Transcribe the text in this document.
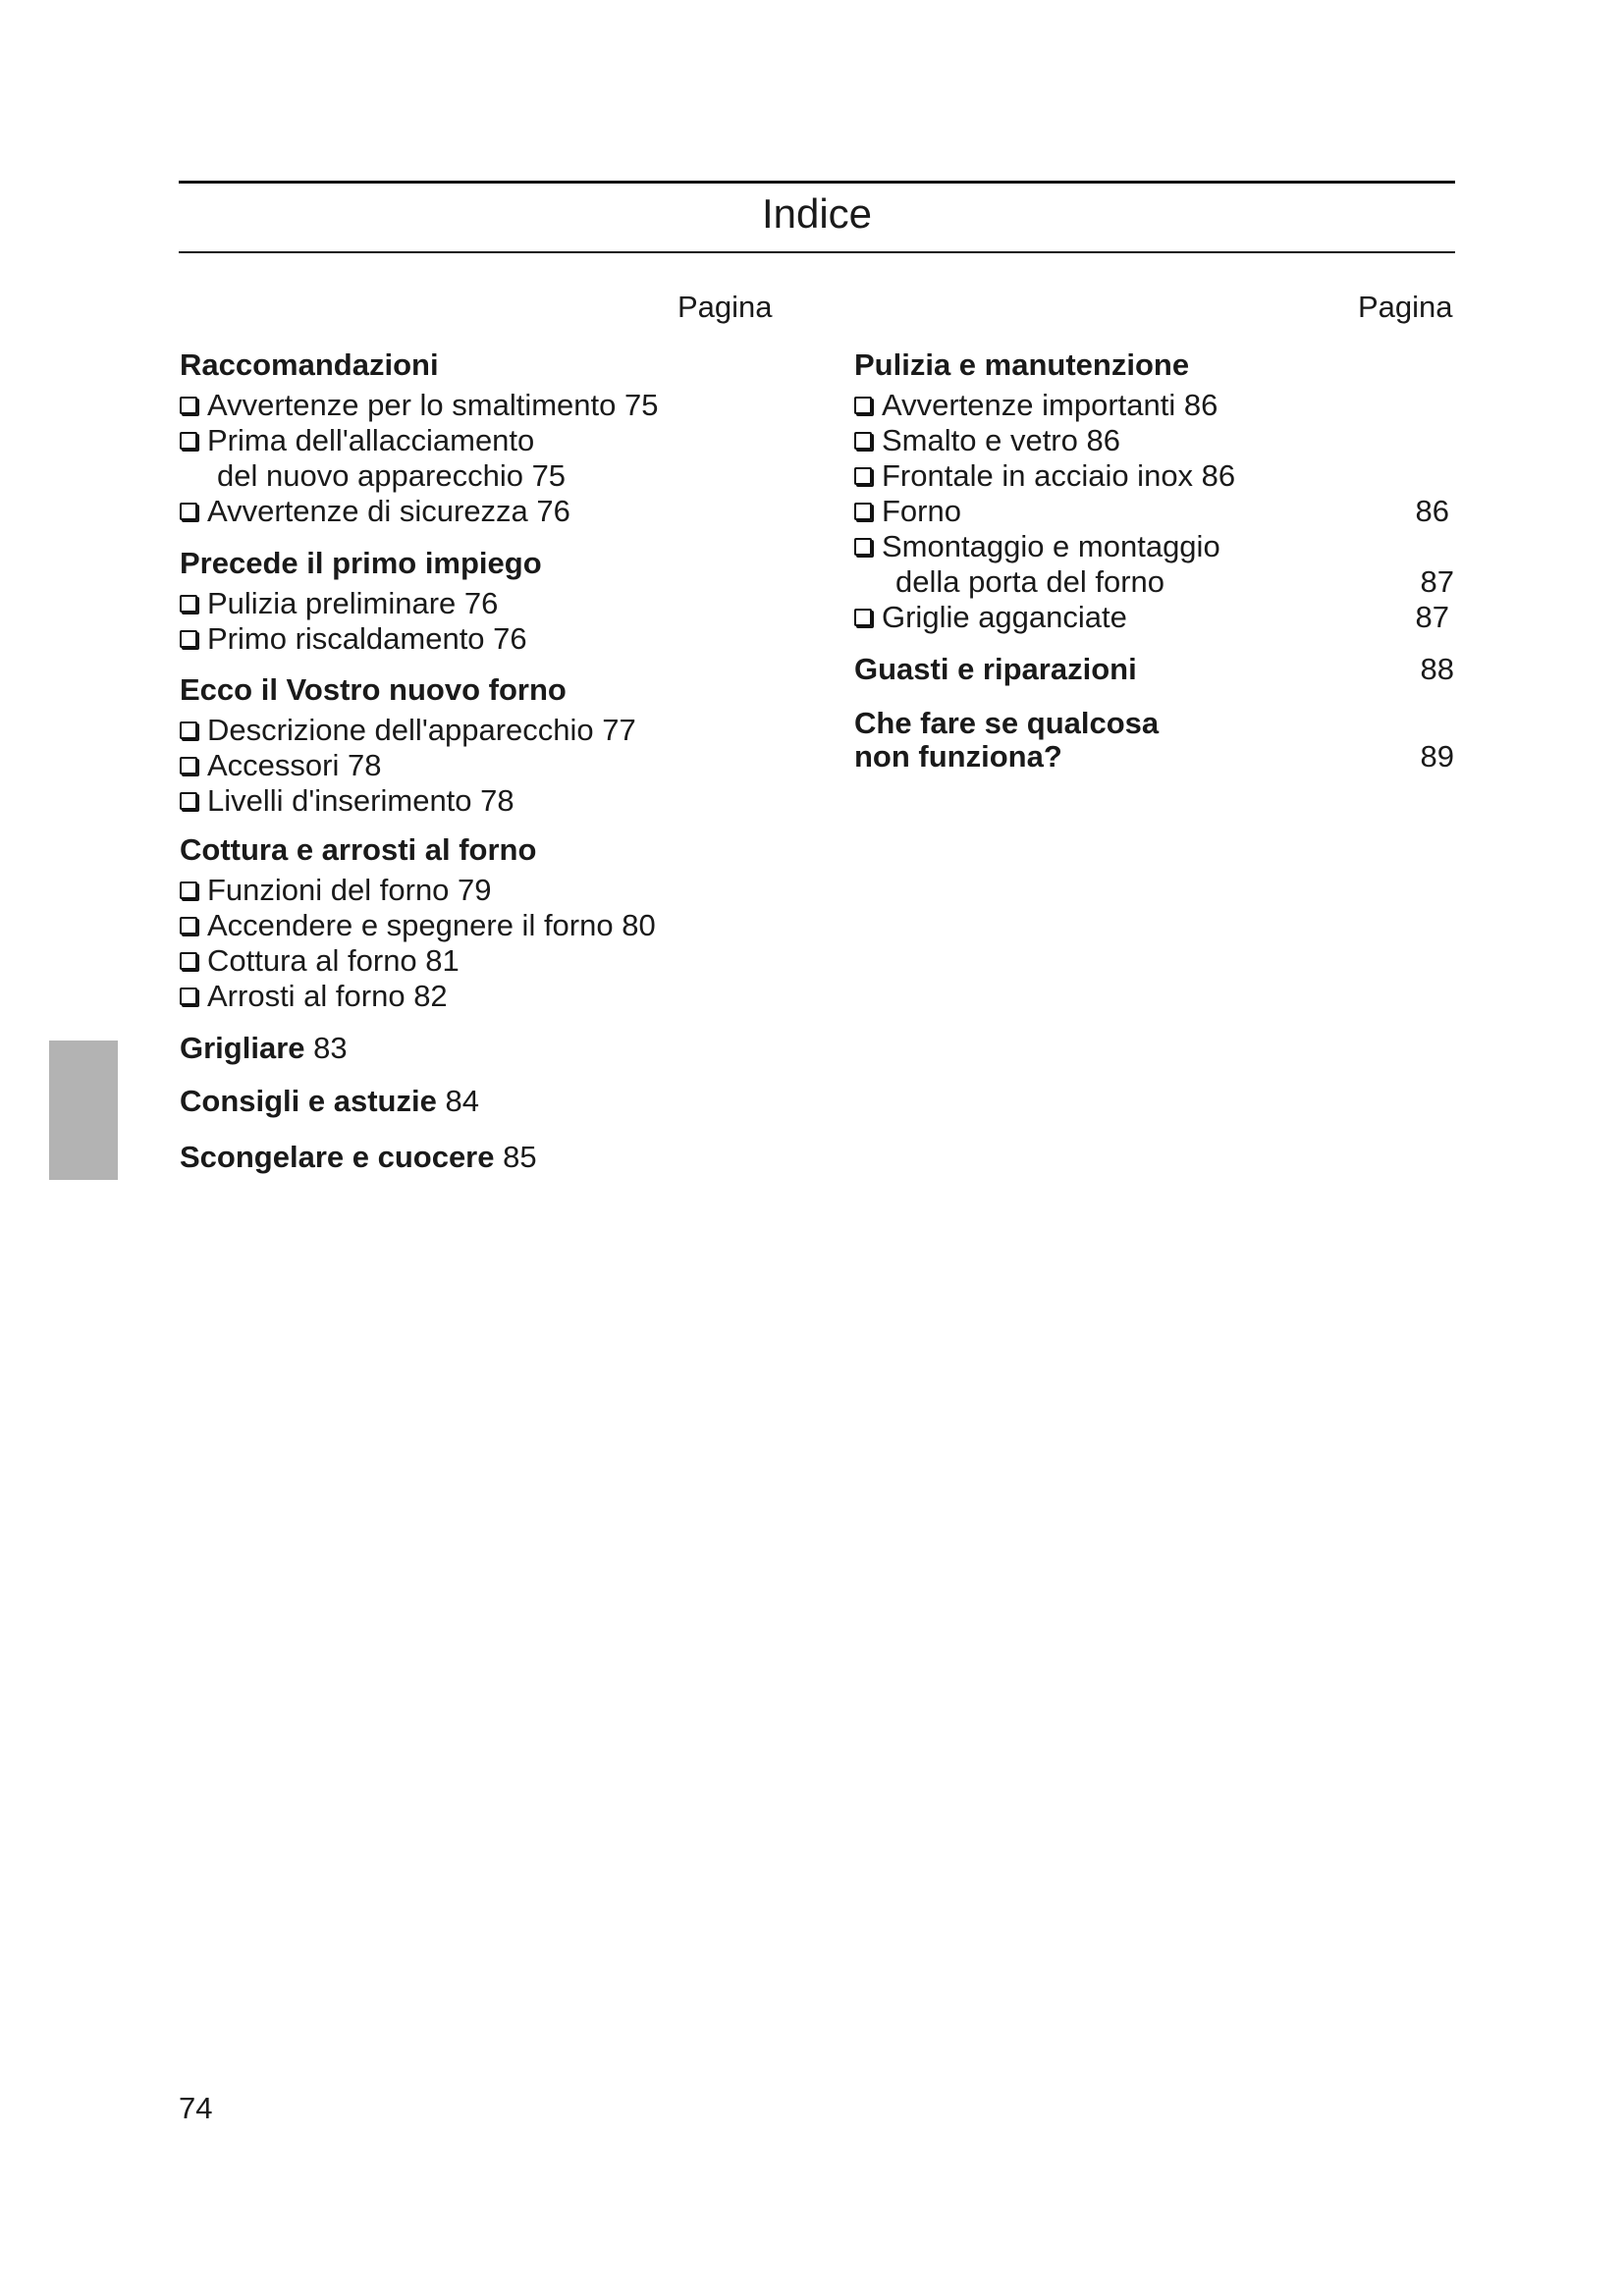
Indice
Pagina	Pagina
Raccomandazioni
Avvertenze per lo smaltimento 75
Prima dell'allacciamento
del nuovo apparecchio 75
Avvertenze di sicurezza 76
Precede il primo impiego
Pulizia preliminare 76
Primo riscaldamento 76
Ecco il Vostro nuovo forno
Descrizione dell'apparecchio 77
Accessori 78
Livelli d'inserimento 78
Cottura e arrosti al forno
Funzioni del forno 79
Accendere e spegnere il forno 80
Cottura al forno 81
Arrosti al forno 82
Grigliare 83
Consigli e astuzie 84
Scongelare e cuocere 85
Pulizia e manutenzione
Avvertenze importanti 86
Smalto e vetro 86
Frontale in acciaio inox 86
Forno	86
Smontaggio e montaggio
della porta del forno	87
Griglie agganciate	87
Guasti e riparazioni	88
Che fare se qualcosa
non funziona?	89
74
